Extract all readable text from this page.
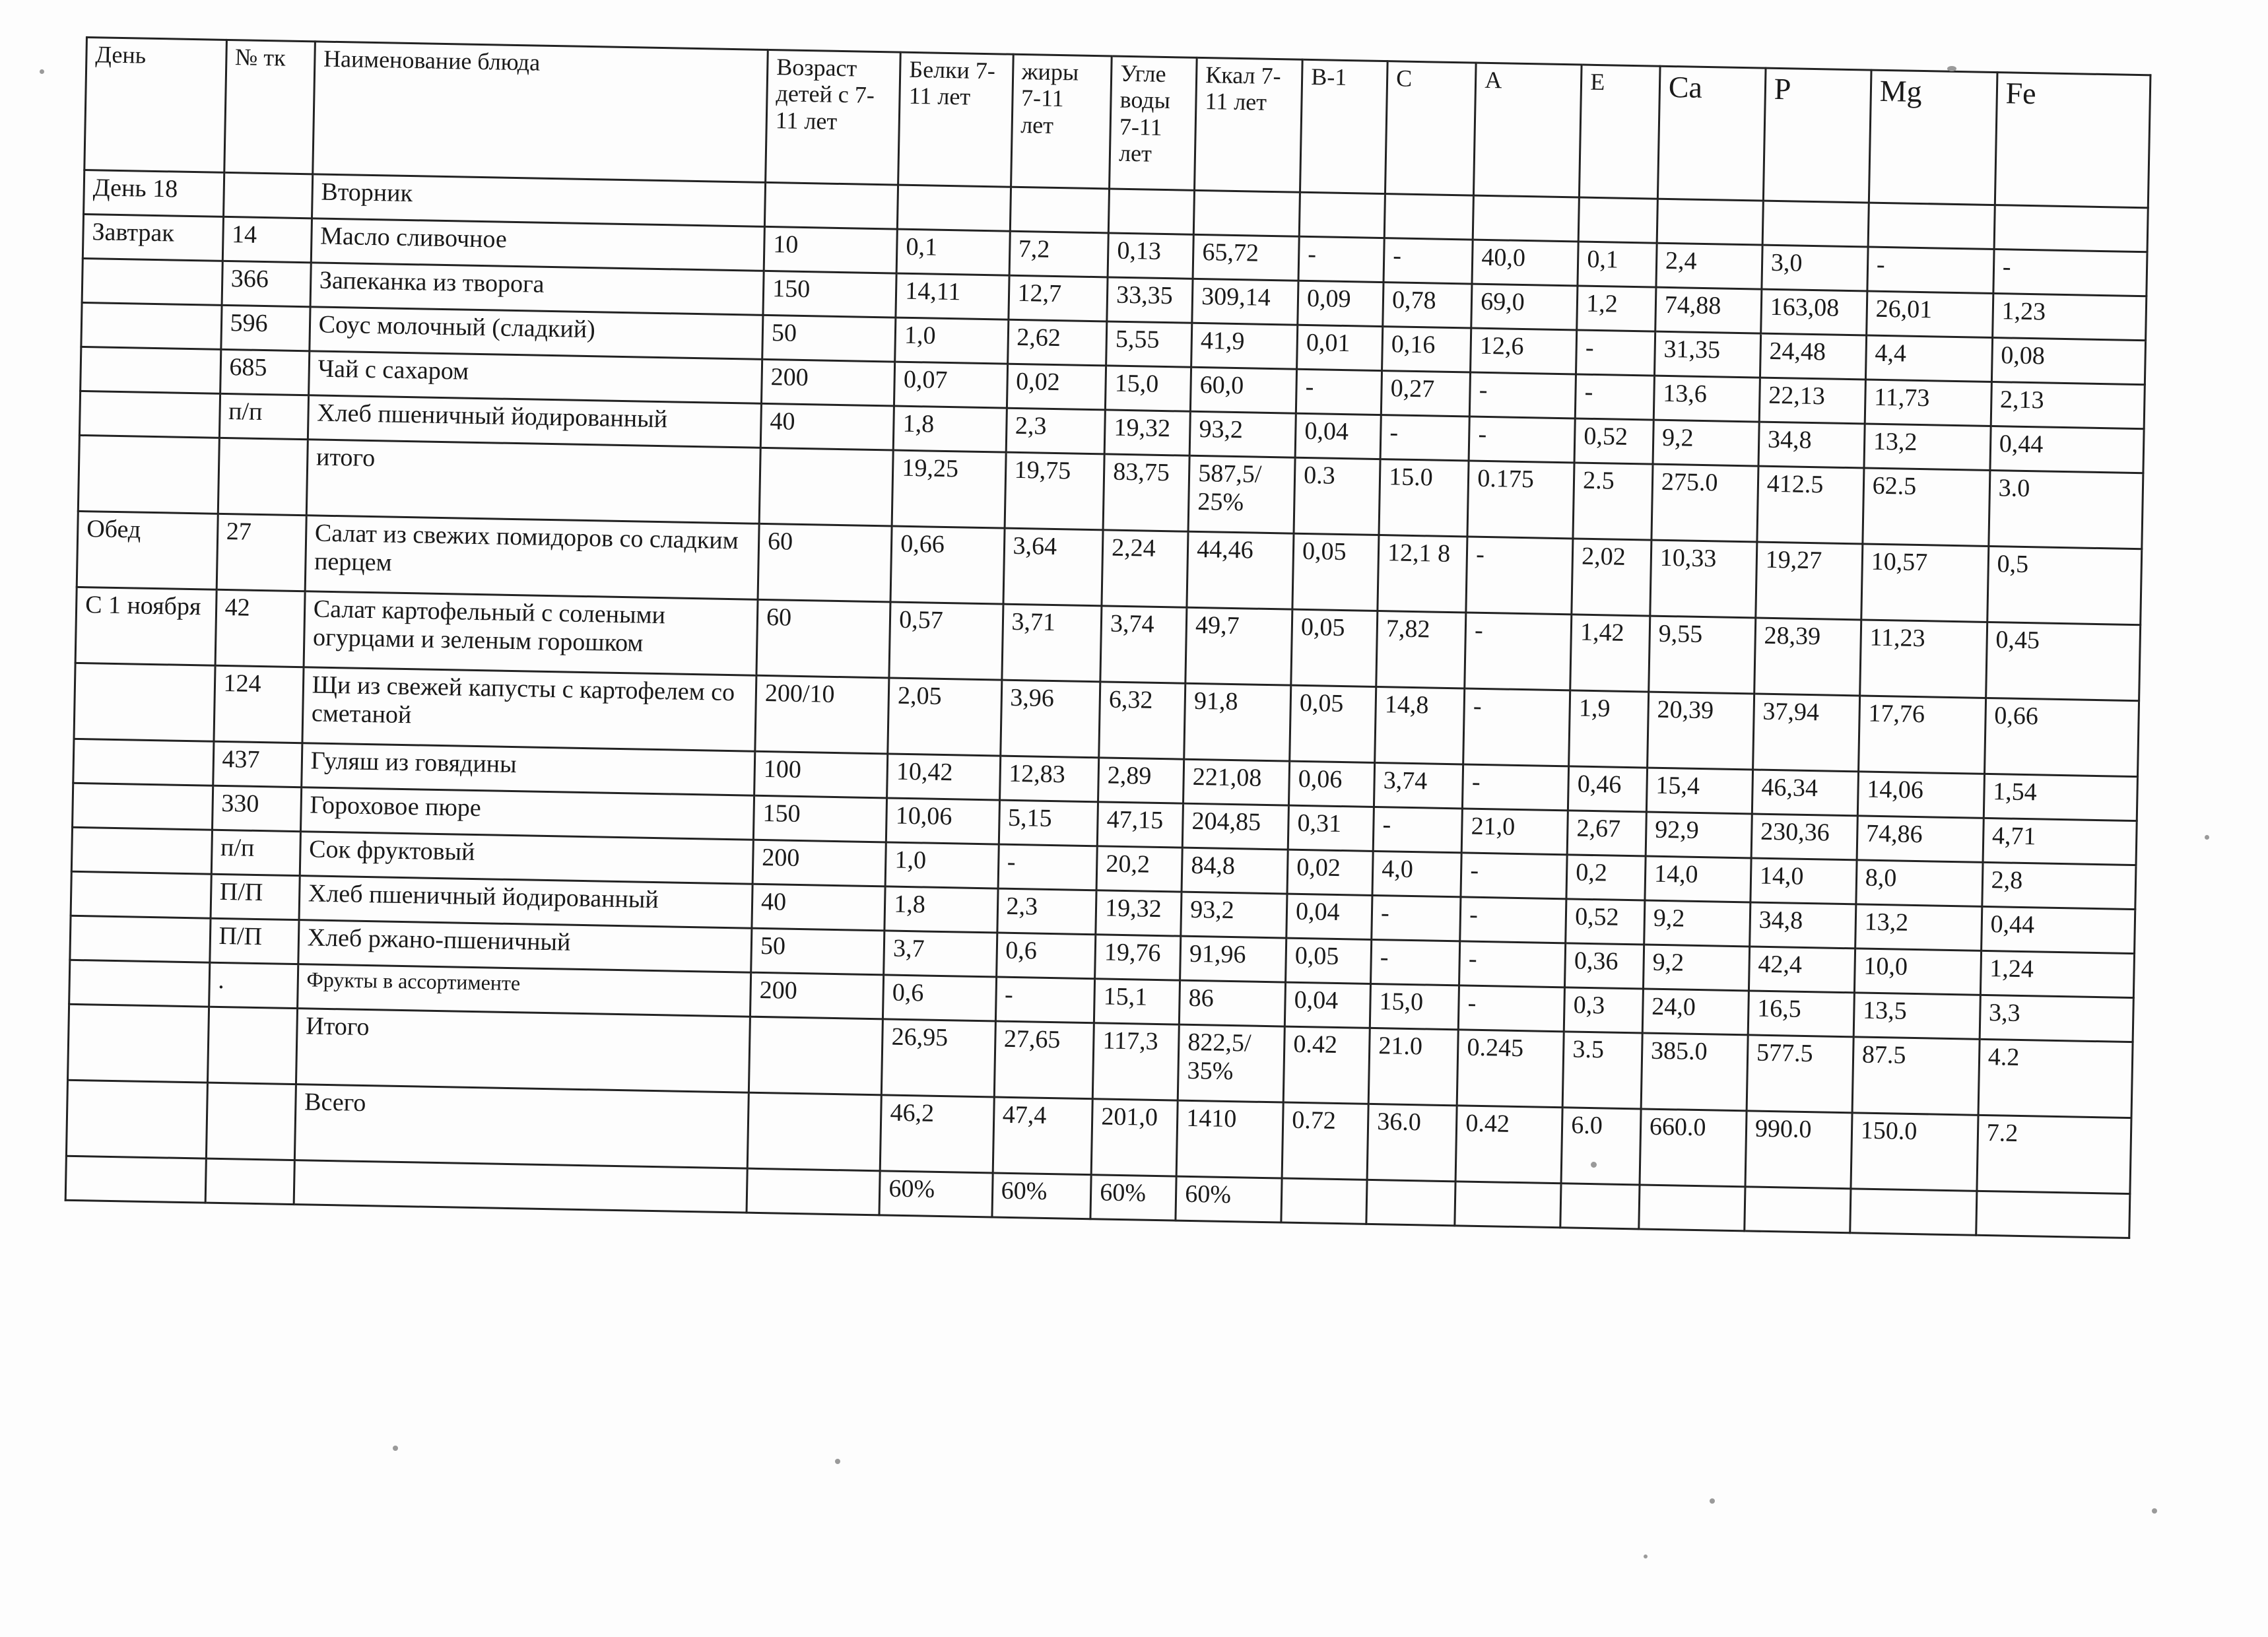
День	№ тк	Наименование блюда	Возраст детей с 7-11 лет	Белки 7-11 лет	жиры 7-11 лет	Угле воды 7-11 лет	Ккал 7-11 лет	В-1	С	А	Е	Ca	P	Mg	Fe
День 18		Вторник													
Завтрак	14	Масло сливочное	10	0,1	7,2	0,13	65,72	-	-	40,0	0,1	2,4	3,0	-	-
	366	Запеканка из творога	150	14,11	12,7	33,35	309,14	0,09	0,78	69,0	1,2	74,88	163,08	26,01	1,23
	596	Соус молочный (сладкий)	50	1,0	2,62	5,55	41,9	0,01	0,16	12,6	-	31,35	24,48	4,4	0,08
	685	Чай с сахаром	200	0,07	0,02	15,0	60,0	-	0,27	-	-	13,6	22,13	11,73	2,13
	п/п	Хлеб пшеничный йодированный	40	1,8	2,3	19,32	93,2	0,04	-	-	0,52	9,2	34,8	13,2	0,44
		итого		19,25	19,75	83,75	587,5/ 25%	0.3	15.0	0.175	2.5	275.0	412.5	62.5	3.0
Обед	27	Салат из свежих помидоров со сладким перцем	60	0,66	3,64	2,24	44,46	0,05	12,1 8	-	2,02	10,33	19,27	10,57	0,5
С 1 ноября	42	Салат картофельный с солеными огурцами и зеленым горошком	60	0,57	3,71	3,74	49,7	0,05	7,82	-	1,42	9,55	28,39	11,23	0,45
	124	Щи из свежей капусты с картофелем со сметаной	200/10	2,05	3,96	6,32	91,8	0,05	14,8	-	1,9	20,39	37,94	17,76	0,66
	437	Гуляш из говядины	100	10,42	12,83	2,89	221,08	0,06	3,74	-	0,46	15,4	46,34	14,06	1,54
	330	Гороховое пюре	150	10,06	5,15	47,15	204,85	0,31	-	21,0	2,67	92,9	230,36	74,86	4,71
	п/п	Сок фруктовый	200	1,0	-	20,2	84,8	0,02	4,0	-	0,2	14,0	14,0	8,0	2,8
	П/П	Хлеб пшеничный йодированный	40	1,8	2,3	19,32	93,2	0,04	-	-	0,52	9,2	34,8	13,2	0,44
	П/П	Хлеб ржано-пшеничный	50	3,7	0,6	19,76	91,96	0,05	-	-	0,36	9,2	42,4	10,0	1,24
	.	Фрукты в ассортименте	200	0,6	-	15,1	86	0,04	15,0	-	0,3	24,0	16,5	13,5	3,3
		Итого		26,95	27,65	117,3	822,5/ 35%	0.42	21.0	0.245	3.5	385.0	577.5	87.5	4.2
		Всего		46,2	47,4	201,0	1410	0.72	36.0	0.42	6.0	660.0	990.0	150.0	7.2
				60%	60%	60%	60%								
